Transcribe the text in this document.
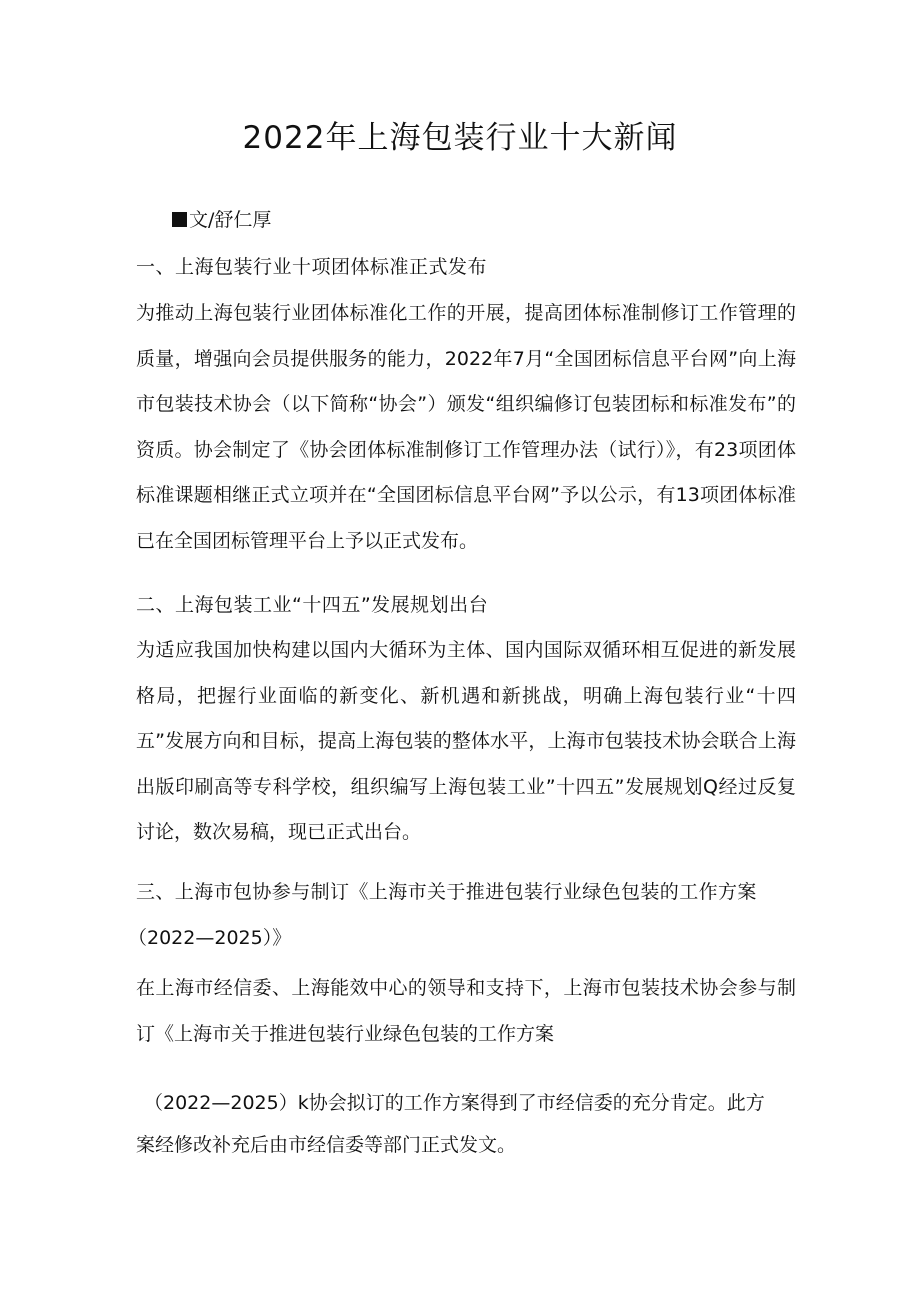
2022年上海包装行业十大新闻
文/舒仁厚
一、上海包装行业十项团体标准正式发布

为推动上海包装行业团体标准化工作的开展，提高团体标准制修订工作管理的质量，增强向会员提供服务的能力，2022年7月“全国团标信息平台网”向上海市包装技术协会（以下简称“协会”）颁发“组织编修订包装团标和标准发布”的资质。协会制定了《协会团体标准制修订工作管理办法（试行）》，有23项团体标准课题相继正式立项并在“全国团标信息平台网”予以公示，有13项团体标准已在全国团标管理平台上予以正式发布。

二、上海包装工业“十四五”发展规划出台

为适应我国加快构建以国内大循环为主体、国内国际双循环相互促进的新发展格局，把握行业面临的新变化、新机遇和新挑战，明确上海包装行业“十四五”发展方向和目标，提高上海包装的整体水平，上海市包装技术协会联合上海出版印刷高等专科学校，组织编写上海包装工业”十四五”发展规划Q经过反复讨论，数次易稿，现已正式出台。

三、上海市包协参与制订《上海市关于推进包装行业绿色包装的工作方案
（2022—2025）》

在上海市经信委、上海能效中心的领导和支持下，上海市包装技术协会参与制订《上海市关于推进包装行业绿色包装的工作方案

（2022—2025）k协会拟订的工作方案得到了市经信委的充分肯定。此方
案经修改补充后由市经信委等部门正式发文。
